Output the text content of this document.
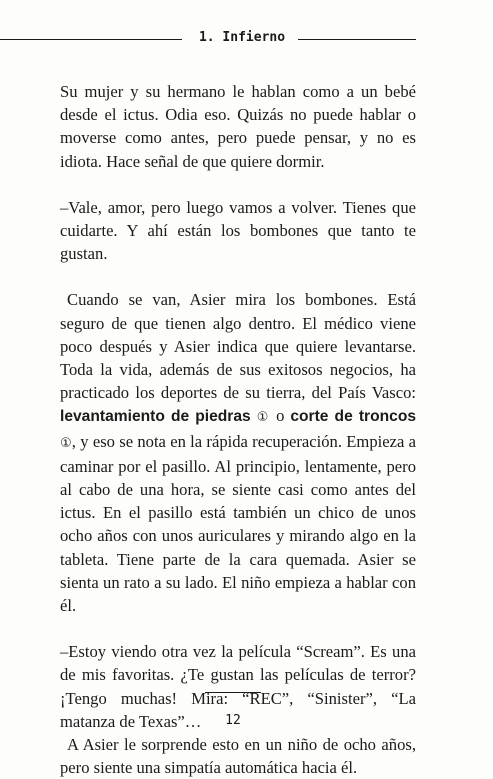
1. Infierno

Su mujer y su hermano le hablan como a un bebé desde el ictus. Odia eso. Quizás no puede hablar o moverse como antes, pero puede pensar, y no es idiota. Hace señal de que quiere dormir.

–Vale, amor, pero luego vamos a volver. Tienes que cuidarte. Y ahí están los bombones que tanto te gustan.

Cuando se van, Asier mira los bombones. Está seguro de que tienen algo dentro. El médico viene poco después y Asier indica que quiere levantarse. Toda la vida, además de sus exitosos negocios, ha practicado los deportes de su tierra, del País Vasco: levantamiento de piedras ① o corte de troncos ①, y eso se nota en la rápida recuperación. Empieza a caminar por el pasillo. Al principio, lentamente, pero al cabo de una hora, se siente casi como antes del ictus. En el pasillo está también un chico de unos ocho años con unos auriculares y mirando algo en la tableta. Tiene parte de la cara quemada. Asier se sienta un rato a su lado. El niño empieza a hablar con él.

–Estoy viendo otra vez la película “Scream”. Es una de mis favoritas. ¿Te gustan las películas de terror? ¡Tengo muchas! Mira: “REC”, “Sinister”, “La matanza de Texas”…

A Asier le sorprende esto en un niño de ocho años, pero siente una simpatía automática hacia él.

12
